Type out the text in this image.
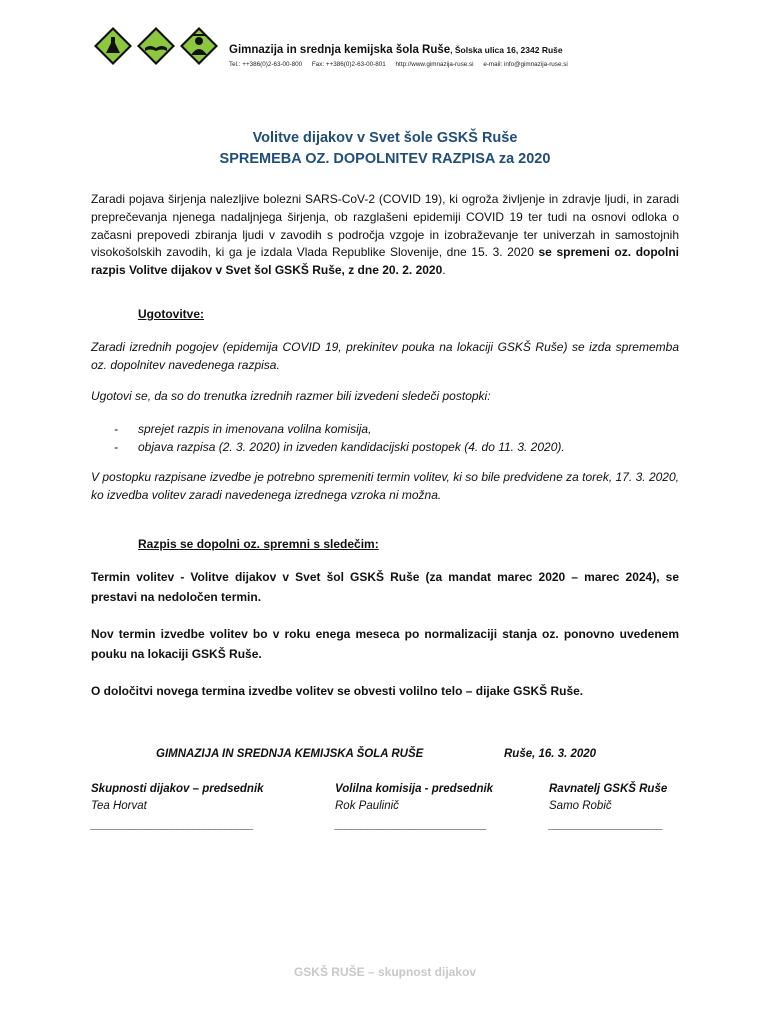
Gimnazija in srednja kemijska šola Ruše, Šolska ulica 16, 2342 Ruše
Tel.: ++386(0)2-63-00-800 Fax: ++386(0)2-63-00-801 http://www.gimnazija-ruse.si e-mail: info@gimnazija-ruse.si
Volitve dijakov v Svet šole GSKŠ Ruše
SPREMEBA OZ. DOPOLNITEV RAZPISA za 2020
Zaradi pojava širjenja nalezljive bolezni SARS-CoV-2 (COVID 19), ki ogroža življenje in zdravje ljudi, in zaradi preprečevanja njenega nadaljnjega širjenja, ob razglašeni epidemiji COVID 19 ter tudi na osnovi odloka o začasni prepovedi zbiranja ljudi v zavodih s področja vzgoje in izobraževanje ter univerzah in samostojnih visokošolskih zavodih, ki ga je izdala Vlada Republike Slovenije, dne 15. 3. 2020 se spremeni oz. dopolni razpis Volitve dijakov v Svet šol GSKŠ Ruše, z dne 20. 2. 2020.
Ugotovitve:
Zaradi izrednih pogojev (epidemija COVID 19, prekinitev pouka na lokaciji GSKŠ Ruše) se izda sprememba oz. dopolnitev navedenega razpisa.
Ugotovi se, da so do trenutka izrednih razmer bili izvedeni sledeči postopki:
-	sprejet razpis in imenovana volilna komisija,
-	objava razpisa (2. 3. 2020) in izveden kandidacijski postopek (4. do 11. 3. 2020).
V postopku razpisane izvedbe je potrebno spremeniti termin volitev, ki so bile predvidene za torek, 17. 3. 2020, ko izvedba volitev zaradi navedenega izrednega vzroka ni možna.
Razpis se dopolni oz. spremni s sledečim:
Termin volitev - Volitve dijakov v Svet šol GSKŠ Ruše (za mandat marec 2020 – marec 2024), se prestavi na nedoločen termin.
Nov termin izvedbe volitev bo v roku enega meseca po normalizaciji stanja oz. ponovno uvedenem pouku na lokaciji GSKŠ Ruše.
O določitvi novega termina izvedbe volitev se obvesti volilno telo – dijake GSKŠ Ruše.
GIMNAZIJA IN SREDNJA KEMIJSKA ŠOLA RUŠE	Ruše, 16. 3. 2020
Skupnosti dijakov – predsednik
Tea Horvat
______________________________
Volilna komisija - predsednik
Rok Paulinič
____________________________
Ravnatelj GSKŠ Ruše
Samo Robič
_____________________
GSKŠ RUŠE – skupnost dijakov
